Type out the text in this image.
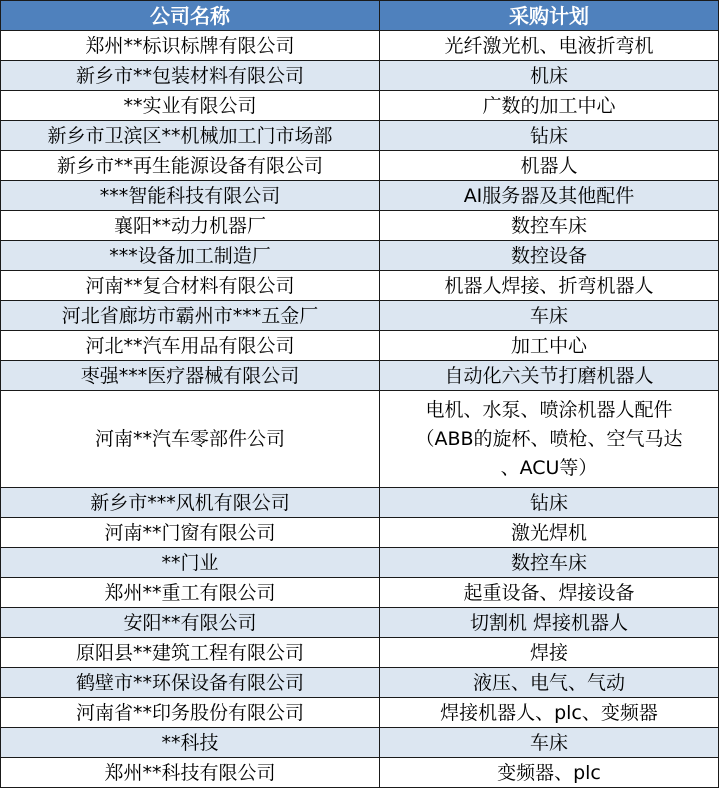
公司名称	采购计划
郑州**标识标牌有限公司	光纤激光机、电液折弯机

新乡市**包装材料有限公司	机床

**实业有限公司	广数的加工中心

新乡市卫滨区**机械加工门市场部	钻床

新乡市**再生能源设备有限公司	机器人

***智能科技有限公司	AI服务器及其他配件

襄阳**动力机器厂	数控车床

***设备加工制造厂	数控设备

河南**复合材料有限公司	机器人焊接、折弯机器人

河北省廊坊市霸州市***五金厂	车床

河北**汽车用品有限公司	加工中心

枣强***医疗器械有限公司	自动化六关节打磨机器人

河南**汽车零部件公司	电机、水泵、喷涂机器人配件
（ABB的旋杯、喷枪、空气马达
、ACU等）

新乡市***风机有限公司	钻床

河南**门窗有限公司	激光焊机

**门业	数控车床

郑州**重工有限公司	起重设备、焊接设备

安阳**有限公司	切割机 焊接机器人

原阳县**建筑工程有限公司	焊接

鹤壁市**环保设备有限公司	液压、电气、气动

河南省**印务股份有限公司	焊接机器人、plc、变频器

**科技	车床

郑州**科技有限公司	变频器、plc
